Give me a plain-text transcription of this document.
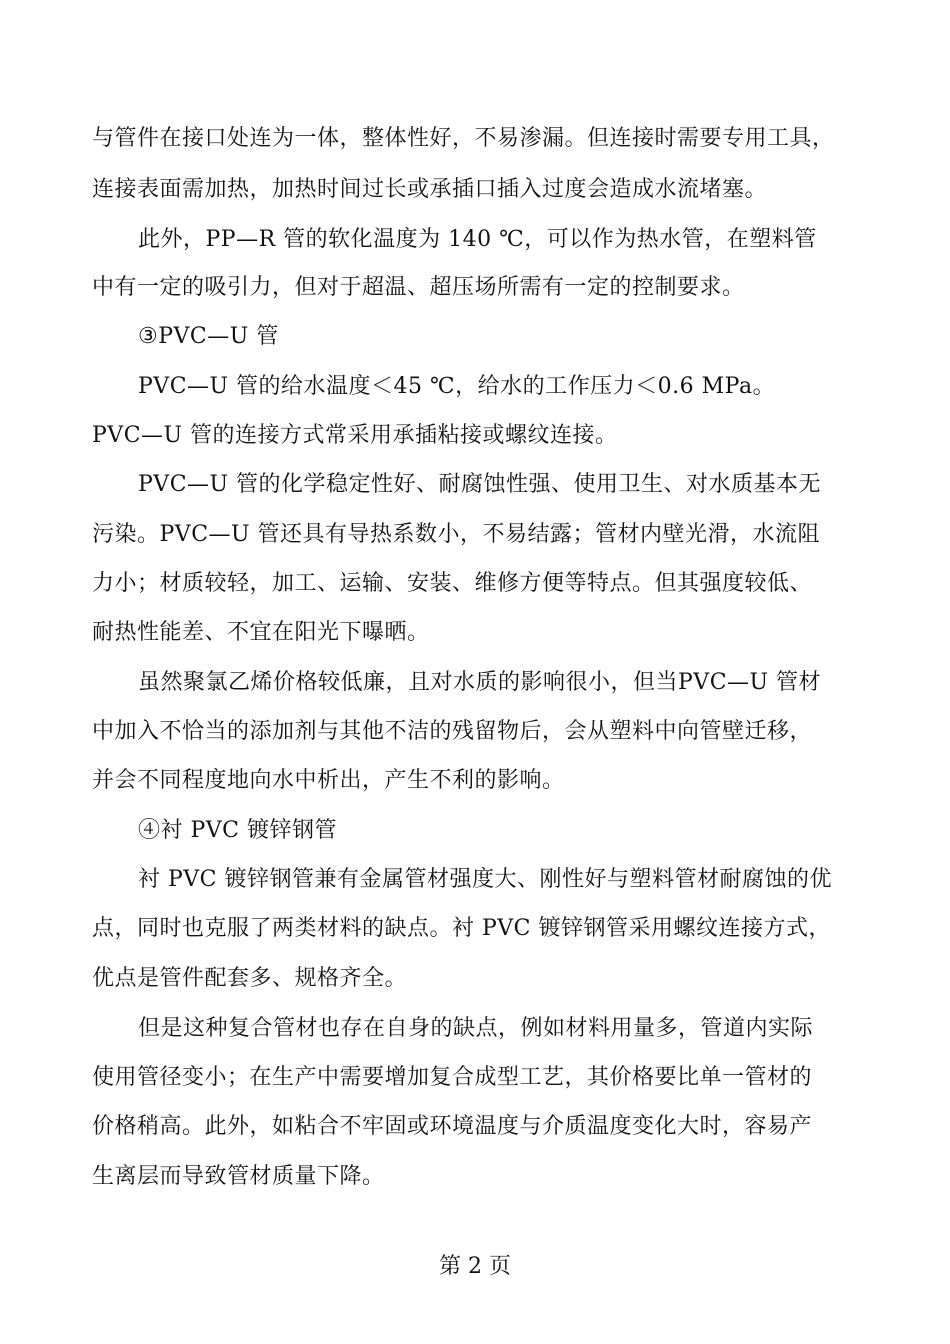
与管件在接口处连为一体，整体性好，不易渗漏。但连接时需要专用工具，
连接表面需加热，加热时间过长或承插口插入过度会造成水流堵塞。
此外，PP—R 管的软化温度为 140 ℃，可以作为热水管，在塑料管
中有一定的吸引力，但对于超温、超压场所需有一定的控制要求。
③PVC—U 管
PVC—U 管的给水温度＜45 ℃，给水的工作压力＜0.6 MPa。
PVC—U 管的连接方式常采用承插粘接或螺纹连接。
PVC—U 管的化学稳定性好、耐腐蚀性强、使用卫生、对水质基本无
污染。PVC—U 管还具有导热系数小，不易结露；管材内壁光滑，水流阻
力小；材质较轻，加工、运输、安装、维修方便等特点。但其强度较低、
耐热性能差、不宜在阳光下曝晒。
虽然聚氯乙烯价格较低廉，且对水质的影响很小，但当PVC—U 管材
中加入不恰当的添加剂与其他不洁的残留物后，会从塑料中向管壁迁移，
并会不同程度地向水中析出，产生不利的影响。
④衬 PVC 镀锌钢管
衬 PVC 镀锌钢管兼有金属管材强度大、刚性好与塑料管材耐腐蚀的优
点，同时也克服了两类材料的缺点。衬 PVC 镀锌钢管采用螺纹连接方式，
优点是管件配套多、规格齐全。
但是这种复合管材也存在自身的缺点，例如材料用量多，管道内实际
使用管径变小；在生产中需要增加复合成型工艺，其价格要比单一管材的
价格稍高。此外，如粘合不牢固或环境温度与介质温度变化大时，容易产
生离层而导致管材质量下降。
第 2 页
